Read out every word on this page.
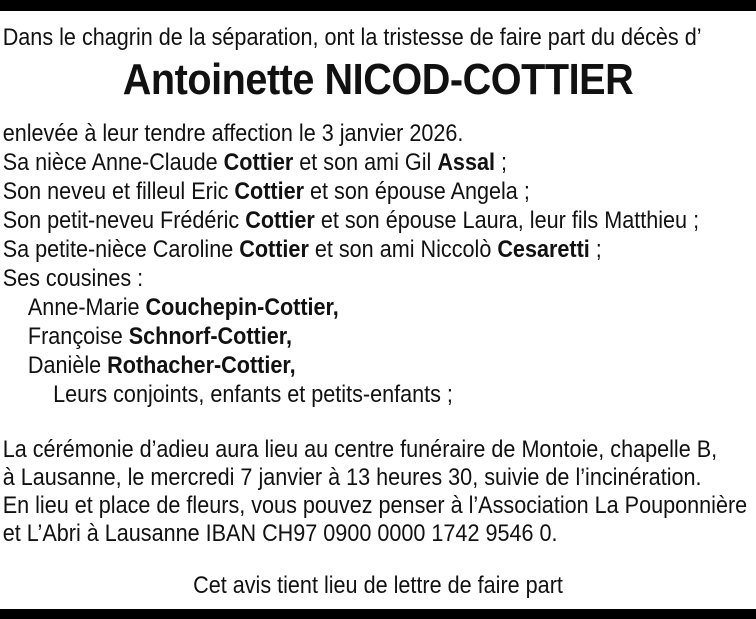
Dans le chagrin de la séparation, ont la tristesse de faire part du décès d’

Antoinette NICOD-COTTIER
enlevée à leur tendre affection le 3 janvier 2026.
Sa nièce Anne-Claude Cottier et son ami Gil Assal ;
Son neveu et filleul Eric Cottier et son épouse Angela ;
Son petit-neveu Frédéric Cottier et son épouse Laura, leur fils Matthieu ;
Sa petite-nièce Caroline Cottier et son ami Niccolò Cesaretti ;
Ses cousines :
Anne-Marie Couchepin-Cottier,
Françoise Schnorf-Cottier,
Danièle Rothacher-Cottier,
Leurs conjoints, enfants et petits-enfants ;
La cérémonie d’adieu aura lieu au centre funéraire de Montoie, chapelle B,
à Lausanne, le mercredi 7 janvier à 13 heures 30, suivie de l’incinération.
En lieu et place de fleurs, vous pouvez penser à l’Association La Pouponnière
et L’Abri à Lausanne IBAN CH97 0900 0000 1742 9546 0.

Cet avis tient lieu de lettre de faire part
